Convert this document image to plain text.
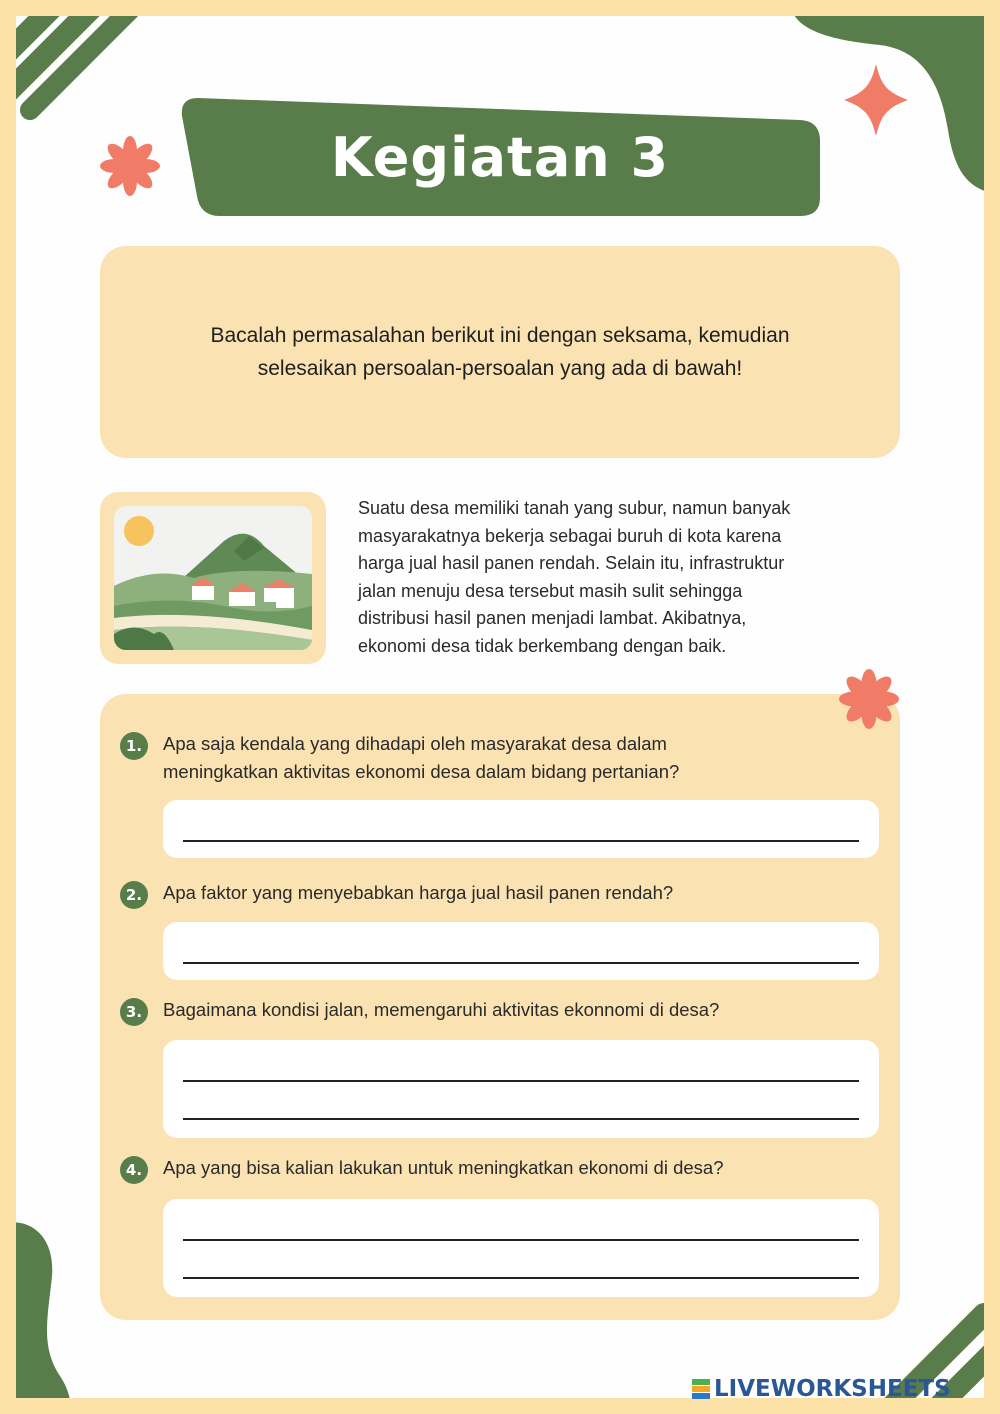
Kegiatan 3
Bacalah permasalahan berikut ini dengan seksama, kemudian selesaikan persoalan-persoalan yang ada di bawah!
Suatu desa memiliki tanah yang subur, namun banyak
masyarakatnya bekerja sebagai buruh di kota karena
harga jual hasil panen rendah. Selain itu, infrastruktur
jalan menuju desa tersebut masih sulit sehingga
distribusi hasil panen menjadi lambat. Akibatnya,
ekonomi desa tidak berkembang dengan baik.
1.	Apa saja kendala yang dihadapi oleh masyarakat desa dalam
meningkatkan aktivitas ekonomi desa dalam bidang pertanian?
2.	Apa faktor yang menyebabkan harga jual hasil panen rendah?
3.	Bagaimana kondisi jalan, memengaruhi aktivitas ekonnomi di desa?
4.	Apa yang bisa kalian lakukan untuk meningkatkan ekonomi di desa?
LIVEWORKSHEETS
